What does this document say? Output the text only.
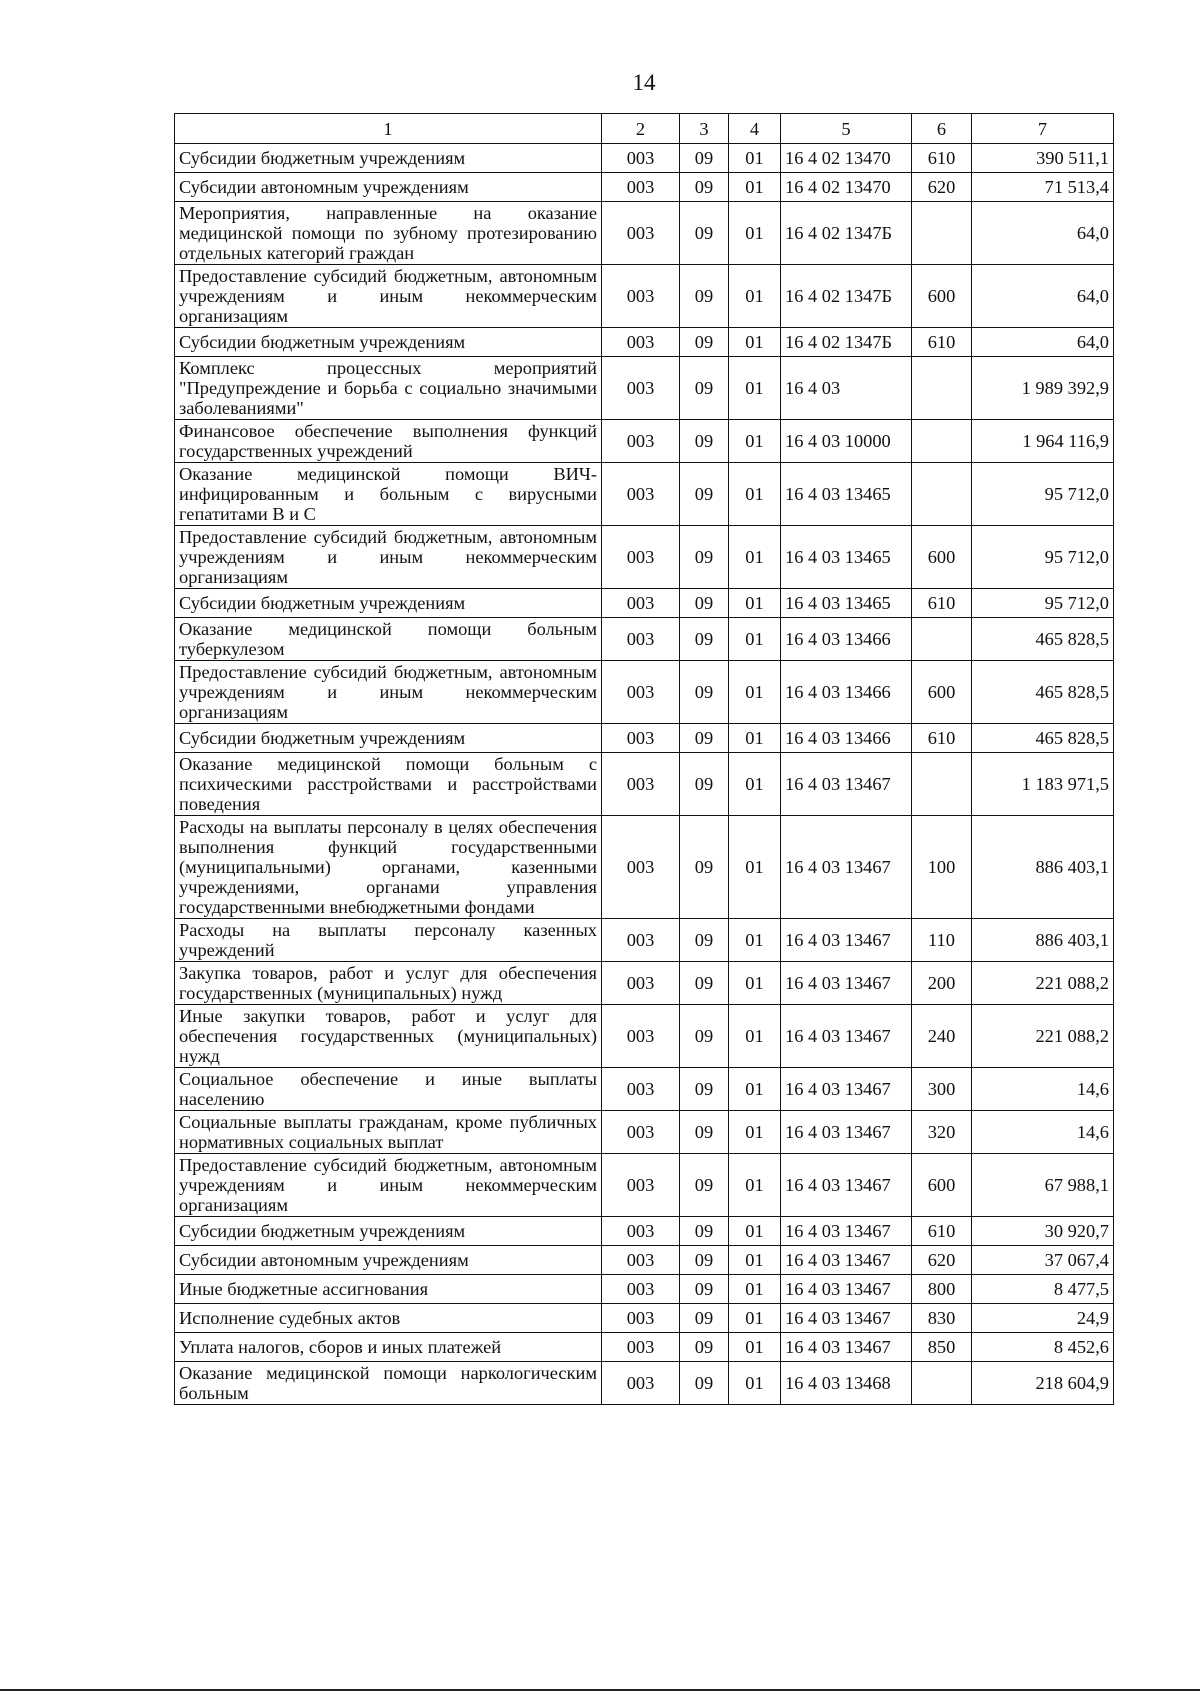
14
1	2	3	4	5	6	7
Субсидии бюджетным учреждениям	003	09	01	16 4 02 13470	610	390 511,1
Субсидии автономным учреждениям	003	09	01	16 4 02 13470	620	71 513,4
Мероприятия, направленные на оказание медицинской помощи по зубному протезированию отдельных категорий граждан	003	09	01	16 4 02 1347Б		64,0
Предоставление субсидий бюджетным, автономным учреждениям и иным некоммерческим организациям	003	09	01	16 4 02 1347Б	600	64,0
Субсидии бюджетным учреждениям	003	09	01	16 4 02 1347Б	610	64,0
Комплекс процессных мероприятий "Предупреждение и борьба с социально значимыми заболеваниями"	003	09	01	16 4 03		1 989 392,9
Финансовое обеспечение выполнения функций государственных учреждений	003	09	01	16 4 03 10000		1 964 116,9
Оказание медицинской помощи ВИЧ-инфицированным и больным с вирусными гепатитами В и С	003	09	01	16 4 03 13465		95 712,0
Предоставление субсидий бюджетным, автономным учреждениям и иным некоммерческим организациям	003	09	01	16 4 03 13465	600	95 712,0
Субсидии бюджетным учреждениям	003	09	01	16 4 03 13465	610	95 712,0
Оказание медицинской помощи больным туберкулезом	003	09	01	16 4 03 13466		465 828,5
Предоставление субсидий бюджетным, автономным учреждениям и иным некоммерческим организациям	003	09	01	16 4 03 13466	600	465 828,5
Субсидии бюджетным учреждениям	003	09	01	16 4 03 13466	610	465 828,5
Оказание медицинской помощи больным с психическими расстройствами и расстройствами поведения	003	09	01	16 4 03 13467		1 183 971,5
Расходы на выплаты персоналу в целях обеспечения выполнения функций государственными (муниципальными) органами, казенными учреждениями, органами управления государственными внебюджетными фондами	003	09	01	16 4 03 13467	100	886 403,1
Расходы на выплаты персоналу казенных учреждений	003	09	01	16 4 03 13467	110	886 403,1
Закупка товаров, работ и услуг для обеспечения государственных (муниципальных) нужд	003	09	01	16 4 03 13467	200	221 088,2
Иные закупки товаров, работ и услуг для обеспечения государственных (муниципальных) нужд	003	09	01	16 4 03 13467	240	221 088,2
Социальное обеспечение и иные выплаты населению	003	09	01	16 4 03 13467	300	14,6
Социальные выплаты гражданам, кроме публичных нормативных социальных выплат	003	09	01	16 4 03 13467	320	14,6
Предоставление субсидий бюджетным, автономным учреждениям и иным некоммерческим организациям	003	09	01	16 4 03 13467	600	67 988,1
Субсидии бюджетным учреждениям	003	09	01	16 4 03 13467	610	30 920,7
Субсидии автономным учреждениям	003	09	01	16 4 03 13467	620	37 067,4
Иные бюджетные ассигнования	003	09	01	16 4 03 13467	800	8 477,5
Исполнение судебных актов	003	09	01	16 4 03 13467	830	24,9
Уплата налогов, сборов и иных платежей	003	09	01	16 4 03 13467	850	8 452,6
Оказание медицинской помощи наркологическим больным	003	09	01	16 4 03 13468		218 604,9
